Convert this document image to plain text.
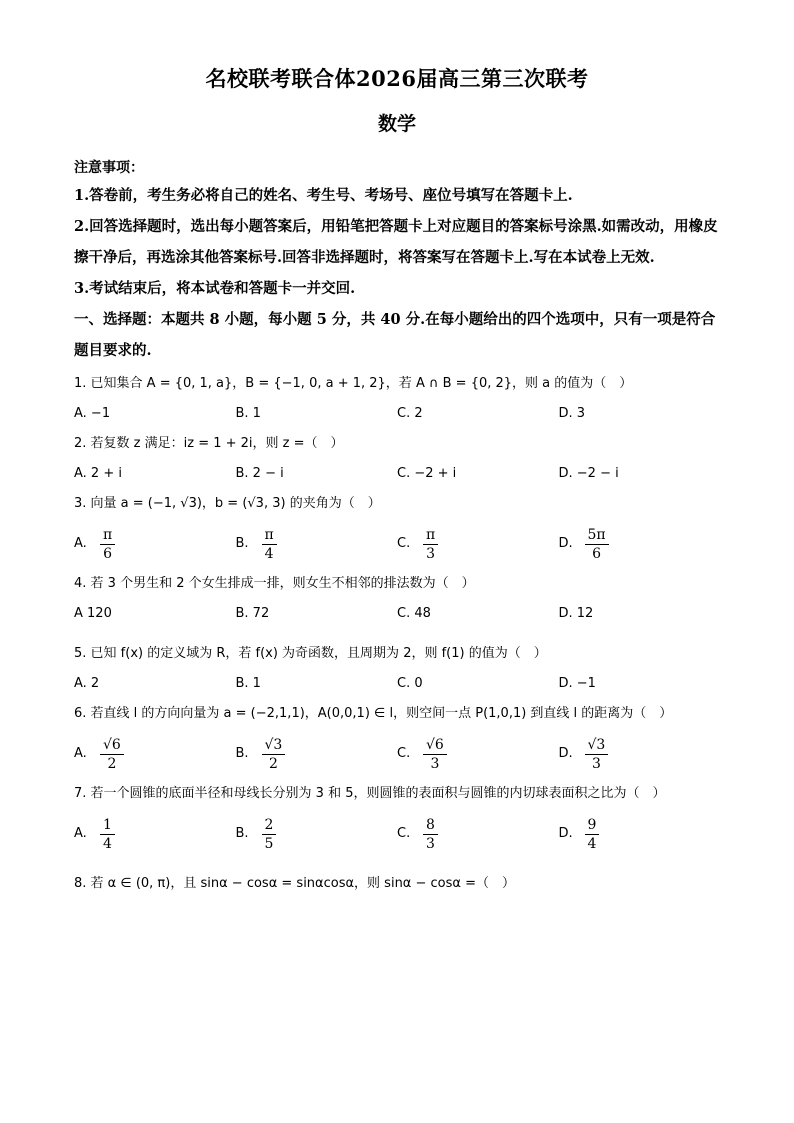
名校联考联合体2026届高三第三次联考
数学
注意事项：
1.答卷前，考生务必将自己的姓名、考生号、考场号、座位号填写在答题卡上.
2.回答选择题时，选出每小题答案后，用铅笔把答题卡上对应题目的答案标号涂黑.如需改动，用橡皮擦干净后，再选涂其他答案标号.回答非选择题时，将答案写在答题卡上.写在本试卷上无效.
3.考试结束后，将本试卷和答题卡一并交回.
一、选择题：本题共 8 小题，每小题 5 分，共 40 分.在每小题给出的四个选项中，只有一项是符合题目要求的.
1. 已知集合 A = {0, 1, a}，B = {−1, 0, a + 1, 2}，若 A ∩ B = {0, 2}，则 a 的值为（　）
A. −1	B. 1	C. 2	D. 3
2. 若复数 z 满足：iz = 1 + 2i，则 z =（　）
A. 2 + i	B. 2 − i	C. −2 + i	D. −2 − i
3. 向量 a = (−1, √3)，b = (√3, 3) 的夹角为（　）
A. $\frac{\pi}{6}$	B. $\frac{\pi}{4}$	C. $\frac{\pi}{3}$	D. $\frac{5\pi}{6}$
4. 若 3 个男生和 2 个女生排成一排，则女生不相邻的排法数为（　）
A 120	B. 72	C. 48	D. 12
5. 已知 f(x) 的定义域为 R，若 f(x) 为奇函数，且周期为 2，则 f(1) 的值为（　）
A. 2	B. 1	C. 0	D. −1
6. 若直线 l 的方向向量为 a = (−2,1,1)，A(0,0,1) ∈ l，则空间一点 P(1,0,1) 到直线 l 的距离为（　）
A. $\frac{√6}{2}$	B. $\frac{√3}{2}$	C. $\frac{√6}{3}$	D. $\frac{√3}{3}$
7. 若一个圆锥的底面半径和母线长分别为 3 和 5，则圆锥的表面积与圆锥的内切球表面积之比为（　）
A. $\frac{1}{4}$	B. $\frac{2}{5}$	C. $\frac{8}{3}$	D. $\frac{9}{4}$
8. 若 α ∈ (0, π)，且 sinα − cosα = sinαcosα，则 sinα − cosα =（　）
